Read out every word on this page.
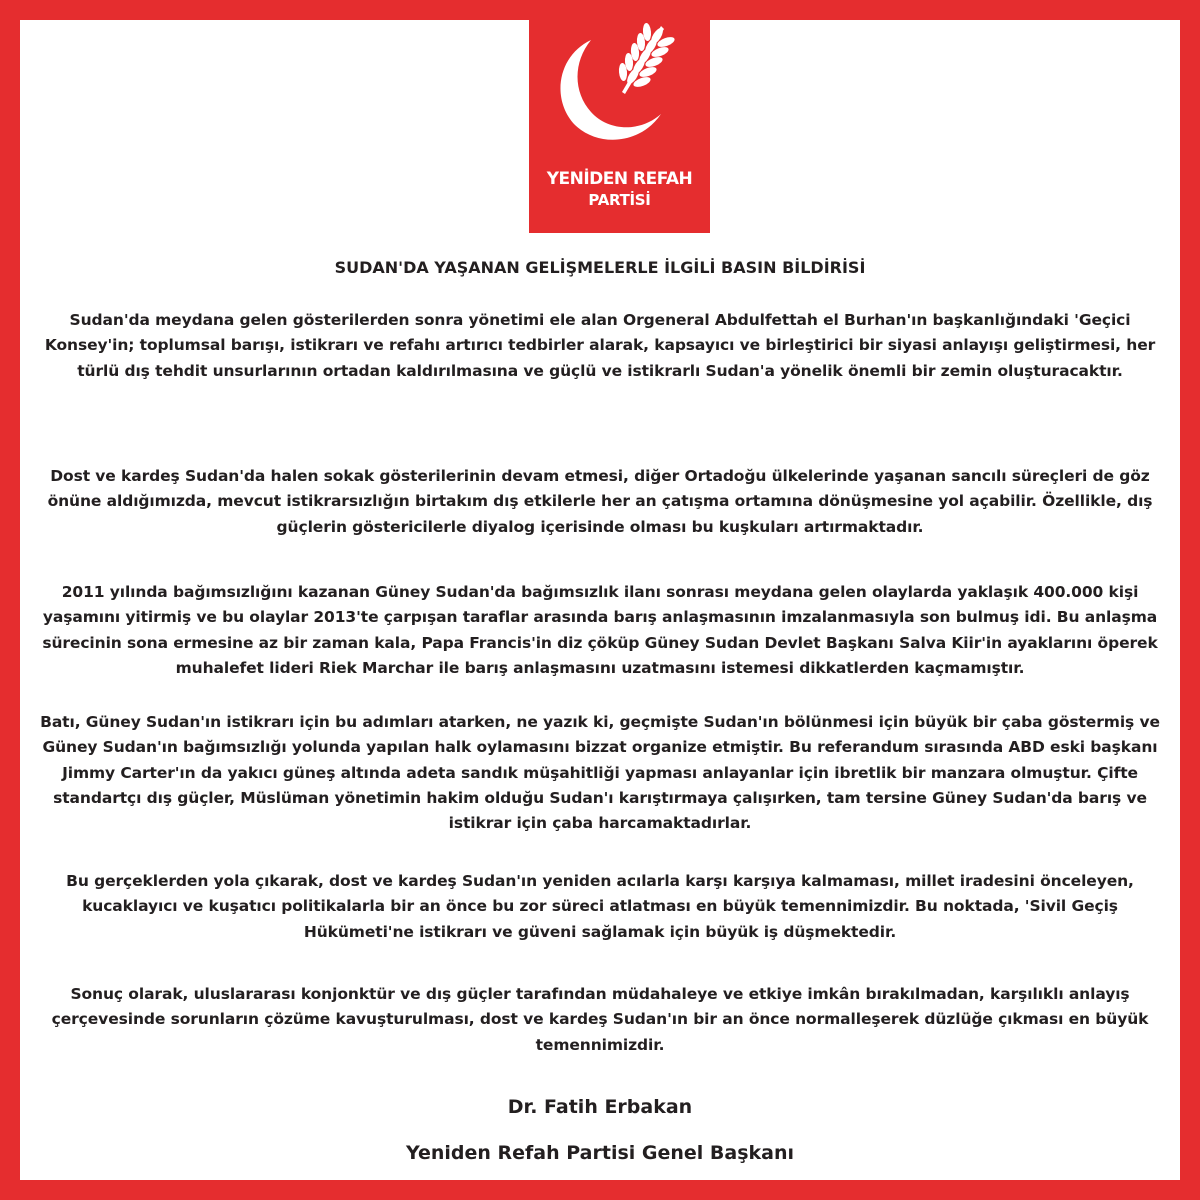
YENİDEN REFAH
PARTİSİ
SUDAN'DA YAŞANAN GELİŞMELERLE İLGİLİ BASIN BİLDİRİSİ
Sudan'da meydana gelen gösterilerden sonra yönetimi ele alan Orgeneral Abdulfettah el Burhan'ın başkanlığındaki 'Geçici Konsey'in; toplumsal barışı, istikrarı ve refahı artırıcı tedbirler alarak, kapsayıcı ve birleştirici bir siyasi anlayışı geliştirmesi, her türlü dış tehdit unsurlarının ortadan kaldırılmasına ve güçlü ve istikrarlı Sudan'a yönelik önemli bir zemin oluşturacaktır.
Dost ve kardeş Sudan'da halen sokak gösterilerinin devam etmesi, diğer Ortadoğu ülkelerinde yaşanan sancılı süreçleri de göz önüne aldığımızda, mevcut istikrarsızlığın birtakım dış etkilerle her an çatışma ortamına dönüşmesine yol açabilir. Özellikle, dış güçlerin göstericilerle diyalog içerisinde olması bu kuşkuları artırmaktadır.
2011 yılında bağımsızlığını kazanan Güney Sudan'da bağımsızlık ilanı sonrası meydana gelen olaylarda yaklaşık 400.000 kişi yaşamını yitirmiş ve bu olaylar 2013'te çarpışan taraflar arasında barış anlaşmasının imzalanmasıyla son bulmuş idi. Bu anlaşma sürecinin sona ermesine az bir zaman kala, Papa Francis'in diz çöküp Güney Sudan Devlet Başkanı Salva Kiir'in ayaklarını öperek muhalefet lideri Riek Marchar ile barış anlaşmasını uzatmasını istemesi dikkatlerden kaçmamıştır.
Batı, Güney Sudan'ın istikrarı için bu adımları atarken, ne yazık ki, geçmişte Sudan'ın bölünmesi için büyük bir çaba göstermiş ve Güney Sudan'ın bağımsızlığı yolunda yapılan halk oylamasını bizzat organize etmiştir. Bu referandum sırasında ABD eski başkanı Jimmy Carter'ın da yakıcı güneş altında adeta sandık müşahitliği yapması anlayanlar için ibretlik bir manzara olmuştur. Çifte standartçı dış güçler, Müslüman yönetimin hakim olduğu Sudan'ı karıştırmaya çalışırken, tam tersine Güney Sudan'da barış ve istikrar için çaba harcamaktadırlar.
Bu gerçeklerden yola çıkarak, dost ve kardeş Sudan'ın yeniden acılarla karşı karşıya kalmaması, millet iradesini önceleyen, kucaklayıcı ve kuşatıcı politikalarla bir an önce bu zor süreci atlatması en büyük temennimizdir. Bu noktada, 'Sivil Geçiş Hükümeti'ne istikrarı ve güveni sağlamak için büyük iş düşmektedir.
Sonuç olarak, uluslararası konjonktür ve dış güçler tarafından müdahaleye ve etkiye imkân bırakılmadan, karşılıklı anlayış çerçevesinde sorunların çözüme kavuşturulması, dost ve kardeş Sudan'ın bir an önce normalleşerek düzlüğe çıkması en büyük temennimizdir.
Dr. Fatih Erbakan
Yeniden Refah Partisi Genel Başkanı
